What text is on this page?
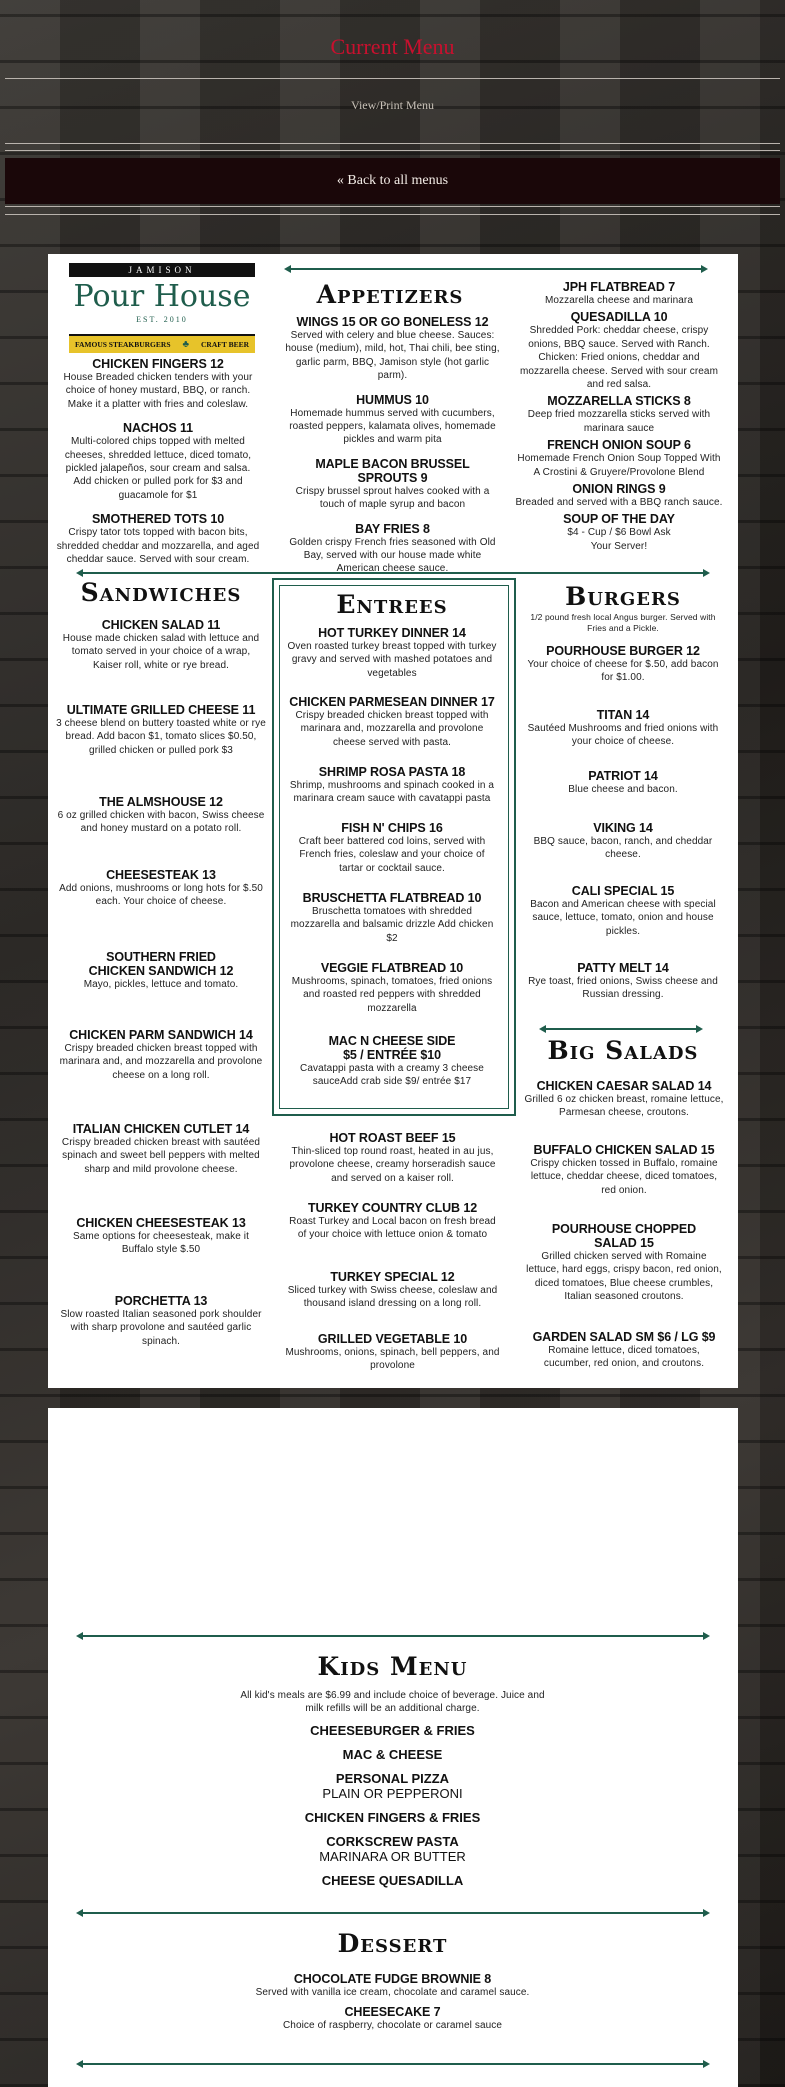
Current Menu
View/Print Menu
« Back to all menus
JAMISON
Pour House
EST. 2010
FAMOUS STEAKBURGERS ♣ CRAFT BEER
CHICKEN FINGERS 12
House Breaded chicken tenders with your choice of honey mustard, BBQ, or ranch. Make it a platter with fries and coleslaw.
NACHOS 11
Multi-colored chips topped with melted cheeses, shredded lettuce, diced tomato, pickled jalapeños, sour cream and salsa. Add chicken or pulled pork for $3 and guacamole for $1
SMOTHERED TOTS 10
Crispy tator tots topped with bacon bits, shredded cheddar and mozzarella, and aged cheddar sauce. Served with sour cream.
Appetizers
WINGS 15 OR GO BONELESS 12
Served with celery and blue cheese. Sauces: house (medium), mild, hot, Thai chili, bee sting, garlic parm, BBQ, Jamison style (hot garlic parm).
HUMMUS 10
Homemade hummus served with cucumbers, roasted peppers, kalamata olives, homemade pickles and warm pita
MAPLE BACON BRUSSEL SPROUTS 9
Crispy brussel sprout halves cooked with a touch of maple syrup and bacon
BAY FRIES 8
Golden crispy French fries seasoned with Old Bay, served with our house made white American cheese sauce.
JPH FLATBREAD 7
Mozzarella cheese and marinara
QUESADILLA 10
Shredded Pork: cheddar cheese, crispy onions, BBQ sauce. Served with Ranch. Chicken: Fried onions, cheddar and mozzarella cheese. Served with sour cream and red salsa.
MOZZARELLA STICKS 8
Deep fried mozzarella sticks served with marinara sauce
FRENCH ONION SOUP 6
Homemade French Onion Soup Topped With A Crostini & Gruyere/Provolone Blend
ONION RINGS 9
Breaded and served with a BBQ ranch sauce.
SOUP OF THE DAY
$4 - Cup / $6 Bowl Ask Your Server!
Sandwiches
CHICKEN SALAD 11
House made chicken salad with lettuce and tomato served in your choice of a wrap, Kaiser roll, white or rye bread.
ULTIMATE GRILLED CHEESE 11
3 cheese blend on buttery toasted white or rye bread. Add bacon $1, tomato slices $0.50, grilled chicken or pulled pork $3
THE ALMSHOUSE 12
6 oz grilled chicken with bacon, Swiss cheese and honey mustard on a potato roll.
CHEESESTEAK 13
Add onions, mushrooms or long hots for $.50 each. Your choice of cheese.
SOUTHERN FRIED CHICKEN SANDWICH 12
Mayo, pickles, lettuce and tomato.
CHICKEN PARM SANDWICH 14
Crispy breaded chicken breast topped with marinara and, and mozzarella and provolone cheese on a long roll.
ITALIAN CHICKEN CUTLET 14
Crispy breaded chicken breast with sautéed spinach and sweet bell peppers with melted sharp and mild provolone cheese.
CHICKEN CHEESESTEAK 13
Same options for cheesesteak, make it Buffalo style $.50
PORCHETTA 13
Slow roasted Italian seasoned pork shoulder with sharp provolone and sautéed garlic spinach.
Entrees
HOT TURKEY DINNER 14
Oven roasted turkey breast topped with turkey gravy and served with mashed potatoes and vegetables
CHICKEN PARMESEAN DINNER 17
Crispy breaded chicken breast topped with marinara and, mozzarella and provolone cheese served with pasta.
SHRIMP ROSA PASTA 18
Shrimp, mushrooms and spinach cooked in a marinara cream sauce with cavatappi pasta
FISH N' CHIPS 16
Craft beer battered cod loins, served with French fries, coleslaw and your choice of tartar or cocktail sauce.
BRUSCHETTA FLATBREAD 10
Bruschetta tomatoes with shredded mozzarella and balsamic drizzle Add chicken $2
VEGGIE FLATBREAD 10
Mushrooms, spinach, tomatoes, fried onions and roasted red peppers with shredded mozzarella
MAC N CHEESE SIDE $5 / ENTRÉE $10
Cavatappi pasta with a creamy 3 cheese sauceAdd crab side $9/ entrée $17
HOT ROAST BEEF 15
Thin-sliced top round roast, heated in au jus, provolone cheese, creamy horseradish sauce and served on a kaiser roll.
TURKEY COUNTRY CLUB 12
Roast Turkey and Local bacon on fresh bread of your choice with lettuce onion & tomato
TURKEY SPECIAL 12
Sliced turkey with Swiss cheese, coleslaw and thousand island dressing on a long roll.
GRILLED VEGETABLE 10
Mushrooms, onions, spinach, bell peppers, and provolone
Burgers
1/2 pound fresh local Angus burger. Served with Fries and a Pickle.
POURHOUSE BURGER 12
Your choice of cheese for $.50, add bacon for $1.00.
TITAN 14
Sautéed Mushrooms and fried onions with your choice of cheese.
PATRIOT 14
Blue cheese and bacon.
VIKING 14
BBQ sauce, bacon, ranch, and cheddar cheese.
CALI SPECIAL 15
Bacon and American cheese with special sauce, lettuce, tomato, onion and house pickles.
PATTY MELT 14
Rye toast, fried onions, Swiss cheese and Russian dressing.
Big Salads
CHICKEN CAESAR SALAD 14
Grilled 6 oz chicken breast, romaine lettuce, Parmesan cheese, croutons.
BUFFALO CHICKEN SALAD 15
Crispy chicken tossed in Buffalo, romaine lettuce, cheddar cheese, diced tomatoes, red onion.
POURHOUSE CHOPPED SALAD 15
Grilled chicken served with Romaine lettuce, hard eggs, crispy bacon, red onion, diced tomatoes, Blue cheese crumbles, Italian seasoned croutons.
GARDEN SALAD SM $6 / LG $9
Romaine lettuce, diced tomatoes, cucumber, red onion, and croutons.
Kids Menu
All kid's meals are $6.99 and include choice of beverage. Juice and milk refills will be an additional charge.
CHEESEBURGER & FRIES
MAC & CHEESE
PERSONAL PIZZA
PLAIN OR PEPPERONI
CHICKEN FINGERS & FRIES
CORKSCREW PASTA
MARINARA OR BUTTER
CHEESE QUESADILLA
Dessert
CHOCOLATE FUDGE BROWNIE 8
Served with vanilla ice cream, chocolate and caramel sauce.
CHEESECAKE 7
Choice of raspberry, chocolate or caramel sauce
